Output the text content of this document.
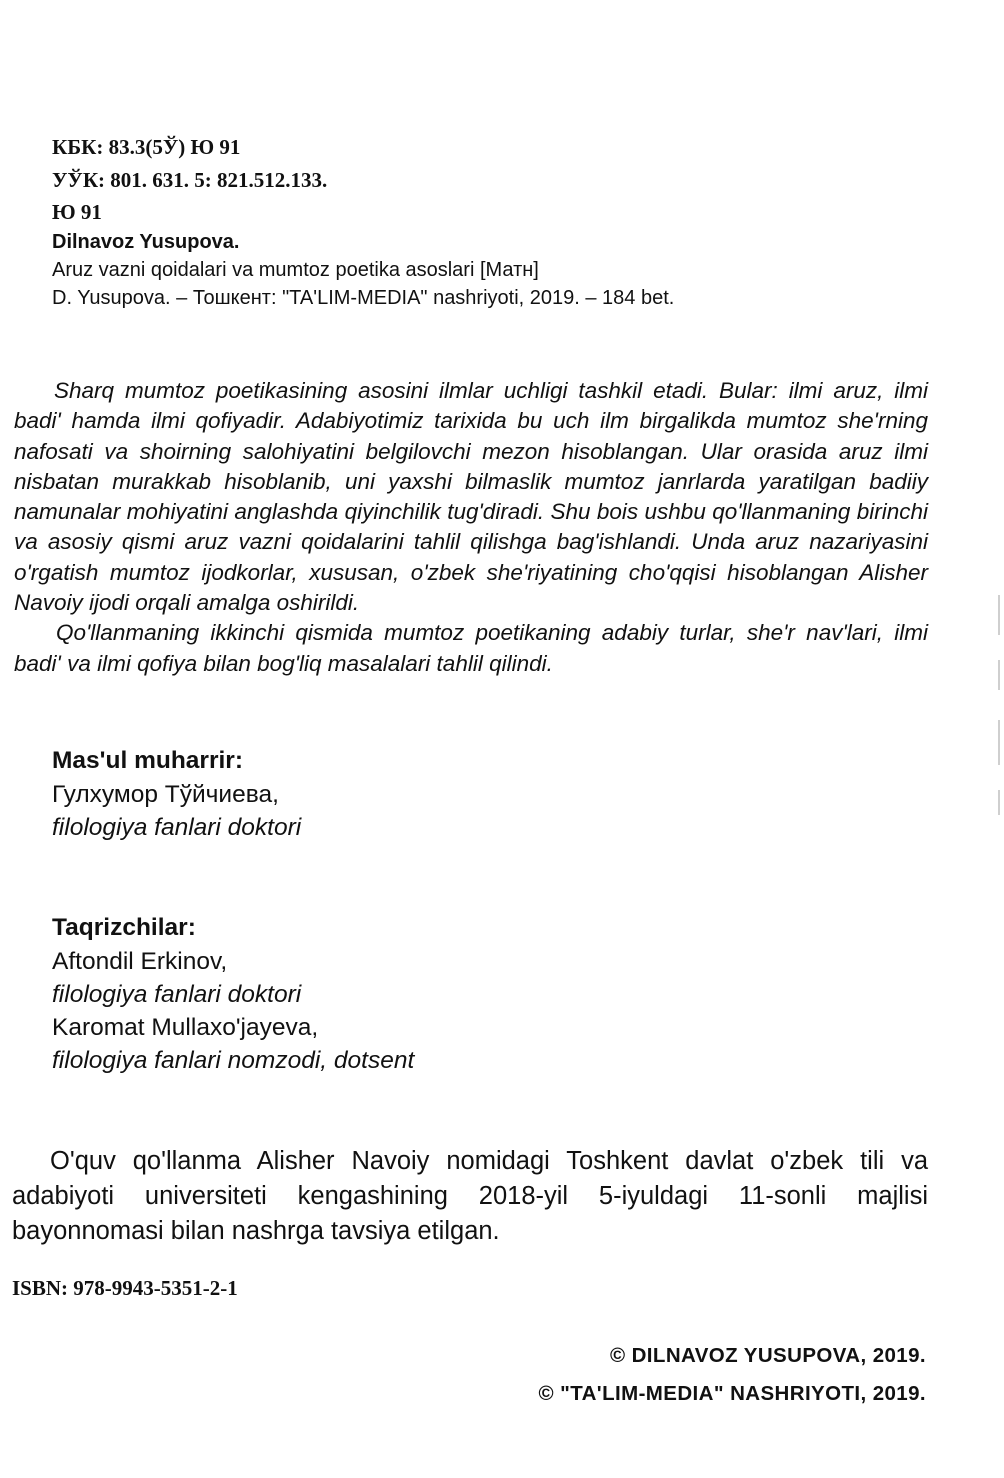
КБК: 83.3(5Ў) Ю 91
УЎК: 801. 631. 5: 821.512.133.
Ю 91
Dilnavoz Yusupova.
Aruz vazni qoidalari va mumtoz poetika asoslari [Матн]
D. Yusupova. – Тошкент: "TA'LIM-MEDIA" nashriyoti, 2019. – 184 bet.

Sharq mumtoz poetikasining asosini ilmlar uchligi tashkil etadi. Bular: ilmi aruz, ilmi badi' hamda ilmi qofiyadir. Adabiyotimiz tarixida bu uch ilm birgalikda mumtoz she'rning nafosati va shoirning salohiyatini belgilovchi mezon hisoblangan. Ular orasida aruz ilmi nisbatan murakkab hisoblanib, uni yaxshi bilmaslik mumtoz janrlarda yaratilgan badiiy namunalar mohiyatini anglashda qiyinchilik tug'diradi. Shu bois ushbu qo'llanmaning birinchi va asosiy qismi aruz vazni qoidalarini tahlil qilishga bag'ishlandi. Unda aruz nazariyasini o'rgatish mumtoz ijodkorlar, xususan, o'zbek she'riyatining cho'qqisi hisoblangan Alisher Navoiy ijodi orqali amalga oshirildi.

Qo'llanmaning ikkinchi qismida mumtoz poetikaning adabiy turlar, she'r nav'lari, ilmi badi' va ilmi qofiya bilan bog'liq masalalari tahlil qilindi.

Mas'ul muharrir:
Гулхумор Тўйчиева,
filologiya fanlari doktori
Taqrizchilar:
Aftondil Erkinov,
filologiya fanlari doktori
Karomat Mullaxo'jayeva,
filologiya fanlari nomzodi, dotsent

O'quv qo'llanma Alisher Navoiy nomidagi Toshkent davlat o'zbek tili va adabiyoti universiteti kengashining 2018-yil 5-iyuldagi 11-sonli majlisi bayonnomasi bilan nashrga tavsiya etilgan.

ISBN: 978-9943-5351-2-1
© DILNAVOZ YUSUPOVA, 2019.
© "TA'LIM-MEDIA" NASHRIYOTI, 2019.
